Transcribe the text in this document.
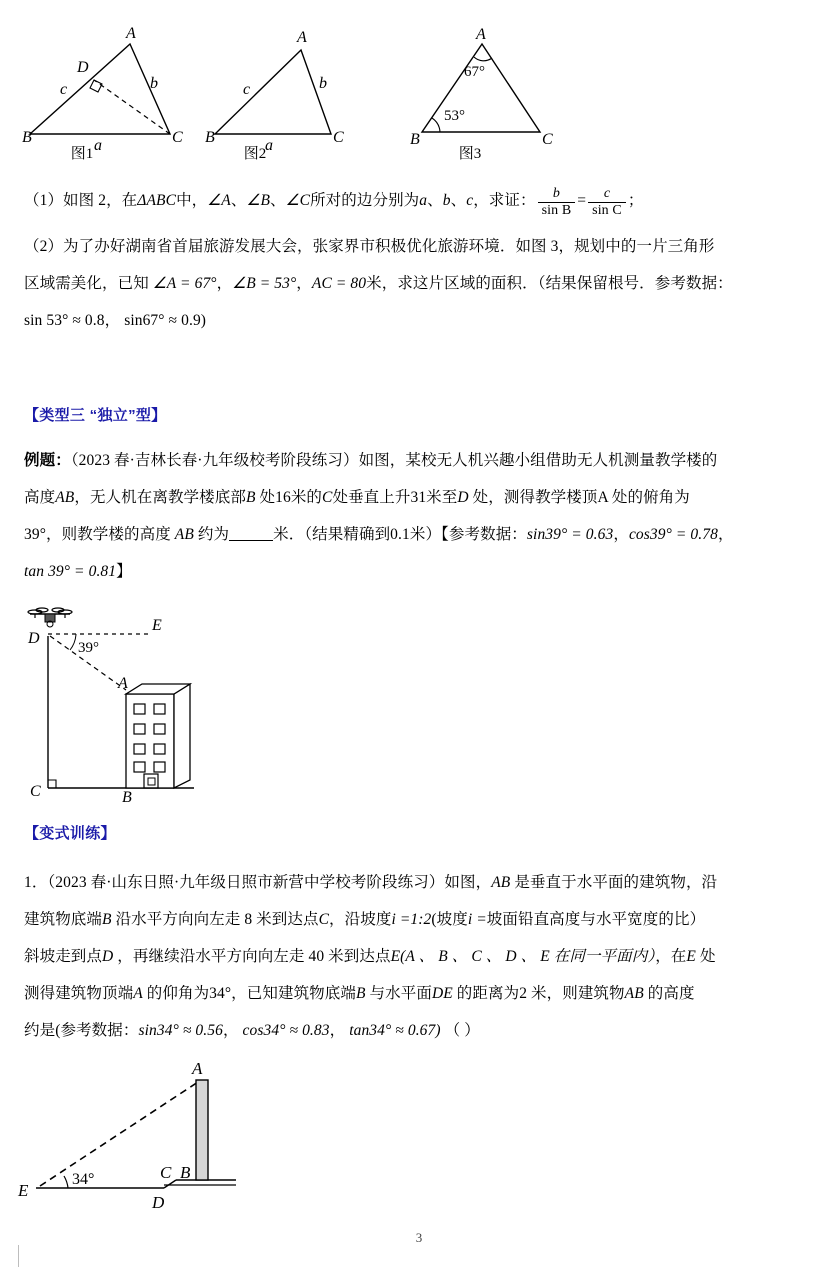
A
D
B	C
c	b
a
图1
A
B	C
c	b
a
图2
A
B	C
67°
53°
图3
（1）如图 2，在ΔABC中，∠A、∠B、∠C所对的边分别为a、b、c，求证： $\frac{b}{\text{sin B}} = \frac{c}{\text{sin C}}$ ；
（2）为了办好湖南省首届旅游发展大会，张家界市积极优化旅游环境．如图 3，规划中的一片三角形
区域需美化，已知 ∠A = 67°，∠B = 53°，AC = 80米，求这片区域的面积．（结果保留根号．参考数据：
sin 53° ≈ 0.8， sin67° ≈ 0.9)
【类型三 “独立”型】
例题：（2023 春·吉林长春·九年级校考阶段练习）如图，某校无人机兴趣小组借助无人机测量教学楼的
高度AB，无人机在离教学楼底部B 处16米的C处垂直上升31米至D 处，测得教学楼顶A 处的俯角为
39°，则教学楼的高度 AB 约为	米．（结果精确到0.1米）【参考数据：sin39° = 0.63，cos39° = 0.78，
tan 39° = 0.81】
D
E
A
C	B
39°
【变式训练】
1．（2023 春·山东日照·九年级日照市新营中学校考阶段练习）如图，AB 是垂直于水平面的建筑物，沿
建筑物底端B 沿水平方向向左走 8 米到达点C，沿坡度i =1:2(坡度i =坡面铅直高度与水平宽度的比）
斜坡走到点D ，再继续沿水平方向向左走 40 米到达点E(A 、 B 、 C 、 D 、 E 在同一平面内），在E 处
测得建筑物顶端A 的仰角为34°，已知建筑物底端B 与水平面DE 的距离为2 米，则建筑物AB 的高度
约是(参考数据：sin34° ≈ 0.56， cos34° ≈ 0.83， tan34° ≈ 0.67) （ ）
A
B
C
D
E
34°
3
